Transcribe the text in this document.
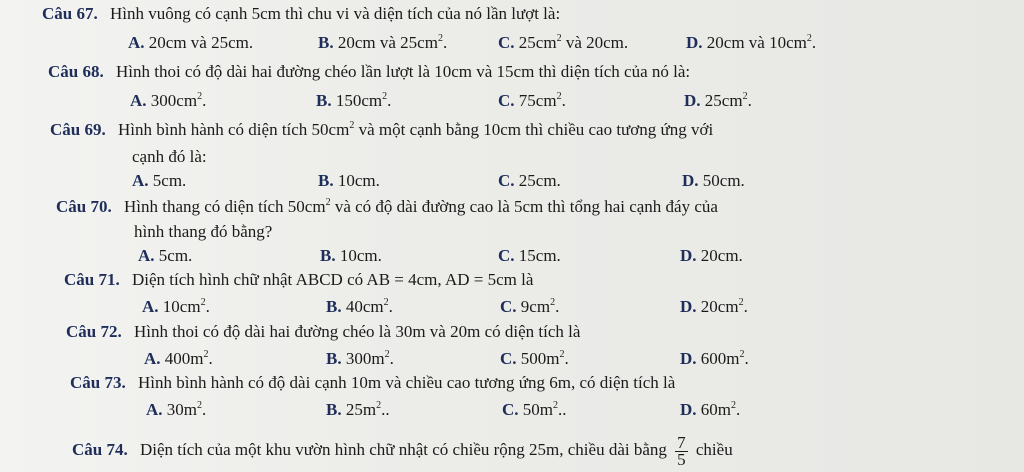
Câu 67. Hình vuông có cạnh 5cm thì chu vi và diện tích của nó lần lượt là:
A. 20cm và 25cm.	B. 20cm và $25cm^2$.	C. $25cm^2$ và 20cm.	D. 20cm và $10cm^2$.
Câu 68. Hình thoi có độ dài hai đường chéo lần lượt là 10cm và 15cm thì diện tích của nó là:
A. $300cm^2$.	B. $150cm^2$.	C. $75cm^2$.	D. $25cm^2$.
Câu 69. Hình bình hành có diện tích $50cm^2$ và một cạnh bằng 10cm thì chiều cao tương ứng với
cạnh đó là:
A. 5cm.	B. 10cm.	C. 25cm.	D. 50cm.
Câu 70. Hình thang có diện tích $50cm^2$ và có độ dài đường cao là 5cm thì tổng hai cạnh đáy của
hình thang đó bằng?
A. 5cm.	B. 10cm.	C. 15cm.	D. 20cm.
Câu 71. Diện tích hình chữ nhật ABCD có AB = 4cm, AD = 5cm là
A. $10cm^2$.	B. $40cm^2$.	C. $9cm^2$.	D. $20cm^2$.
Câu 72. Hình thoi có độ dài hai đường chéo là 30m và 20m có diện tích là
A. $400m^2$.	B. $300m^2$.	C. $500m^2$.	D. $600m^2$.
Câu 73. Hình bình hành có độ dài cạnh 10m và chiều cao tương ứng 6m, có diện tích là
A. $30m^2$.	B. $25m^2$..	C. $50m^2$..	D. $60m^2$.
Câu 74. Diện tích của một khu vườn hình chữ nhật có chiều rộng 25m, chiều dài bằng $\frac{7}{5}$ chiều
